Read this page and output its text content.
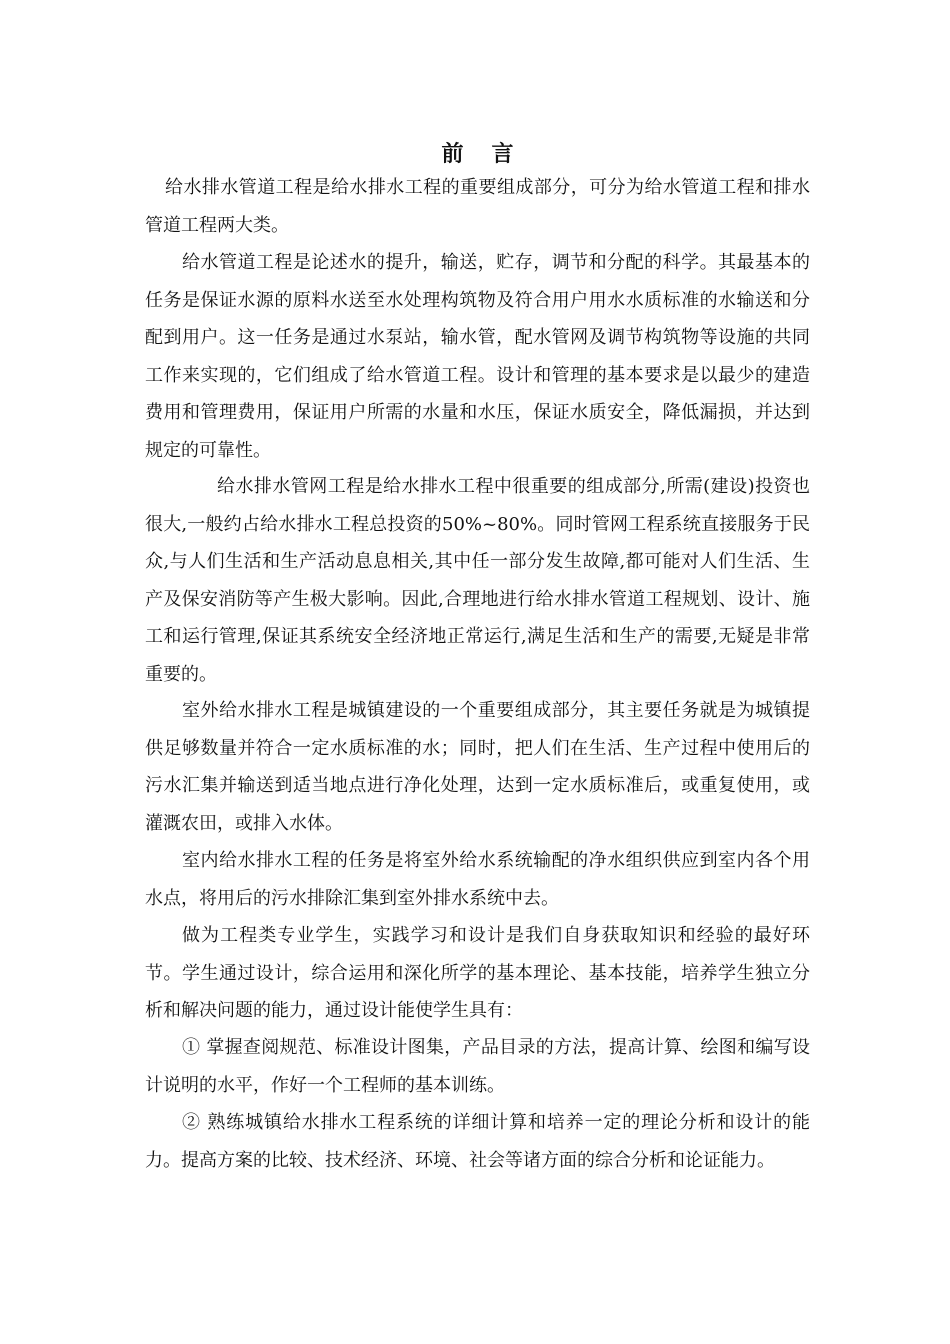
前言

给水排水管道工程是给水排水工程的重要组成部分，可分为给水管道工程和排水管道工程两大类。

给水管道工程是论述水的提升，输送，贮存，调节和分配的科学。其最基本的任务是保证水源的原料水送至水处理构筑物及符合用户用水水质标准的水输送和分配到用户。这一任务是通过水泵站，输水管，配水管网及调节构筑物等设施的共同工作来实现的，它们组成了给水管道工程。设计和管理的基本要求是以最少的建造费用和管理费用，保证用户所需的水量和水压，保证水质安全，降低漏损，并达到规定的可靠性。

给水排水管网工程是给水排水工程中很重要的组成部分,所需(建设)投资也很大,一般约占给水排水工程总投资的50%~80%。同时管网工程系统直接服务于民众,与人们生活和生产活动息息相关,其中任一部分发生故障,都可能对人们生活、生产及保安消防等产生极大影响。因此,合理地进行给水排水管道工程规划、设计、施工和运行管理,保证其系统安全经济地正常运行,满足生活和生产的需要,无疑是非常重要的。

室外给水排水工程是城镇建设的一个重要组成部分，其主要任务就是为城镇提供足够数量并符合一定水质标准的水；同时，把人们在生活、生产过程中使用后的污水汇集并输送到适当地点进行净化处理，达到一定水质标准后，或重复使用，或灌溉农田，或排入水体。

室内给水排水工程的任务是将室外给水系统输配的净水组织供应到室内各个用水点，将用后的污水排除汇集到室外排水系统中去。

做为工程类专业学生，实践学习和设计是我们自身获取知识和经验的最好环节。学生通过设计，综合运用和深化所学的基本理论、基本技能，培养学生独立分析和解决问题的能力，通过设计能使学生具有：

① 掌握查阅规范、标准设计图集，产品目录的方法，提高计算、绘图和编写设计说明的水平，作好一个工程师的基本训练。

② 熟练城镇给水排水工程系统的详细计算和培养一定的理论分析和设计的能力。提高方案的比较、技术经济、环境、社会等诸方面的综合分析和论证能力。
